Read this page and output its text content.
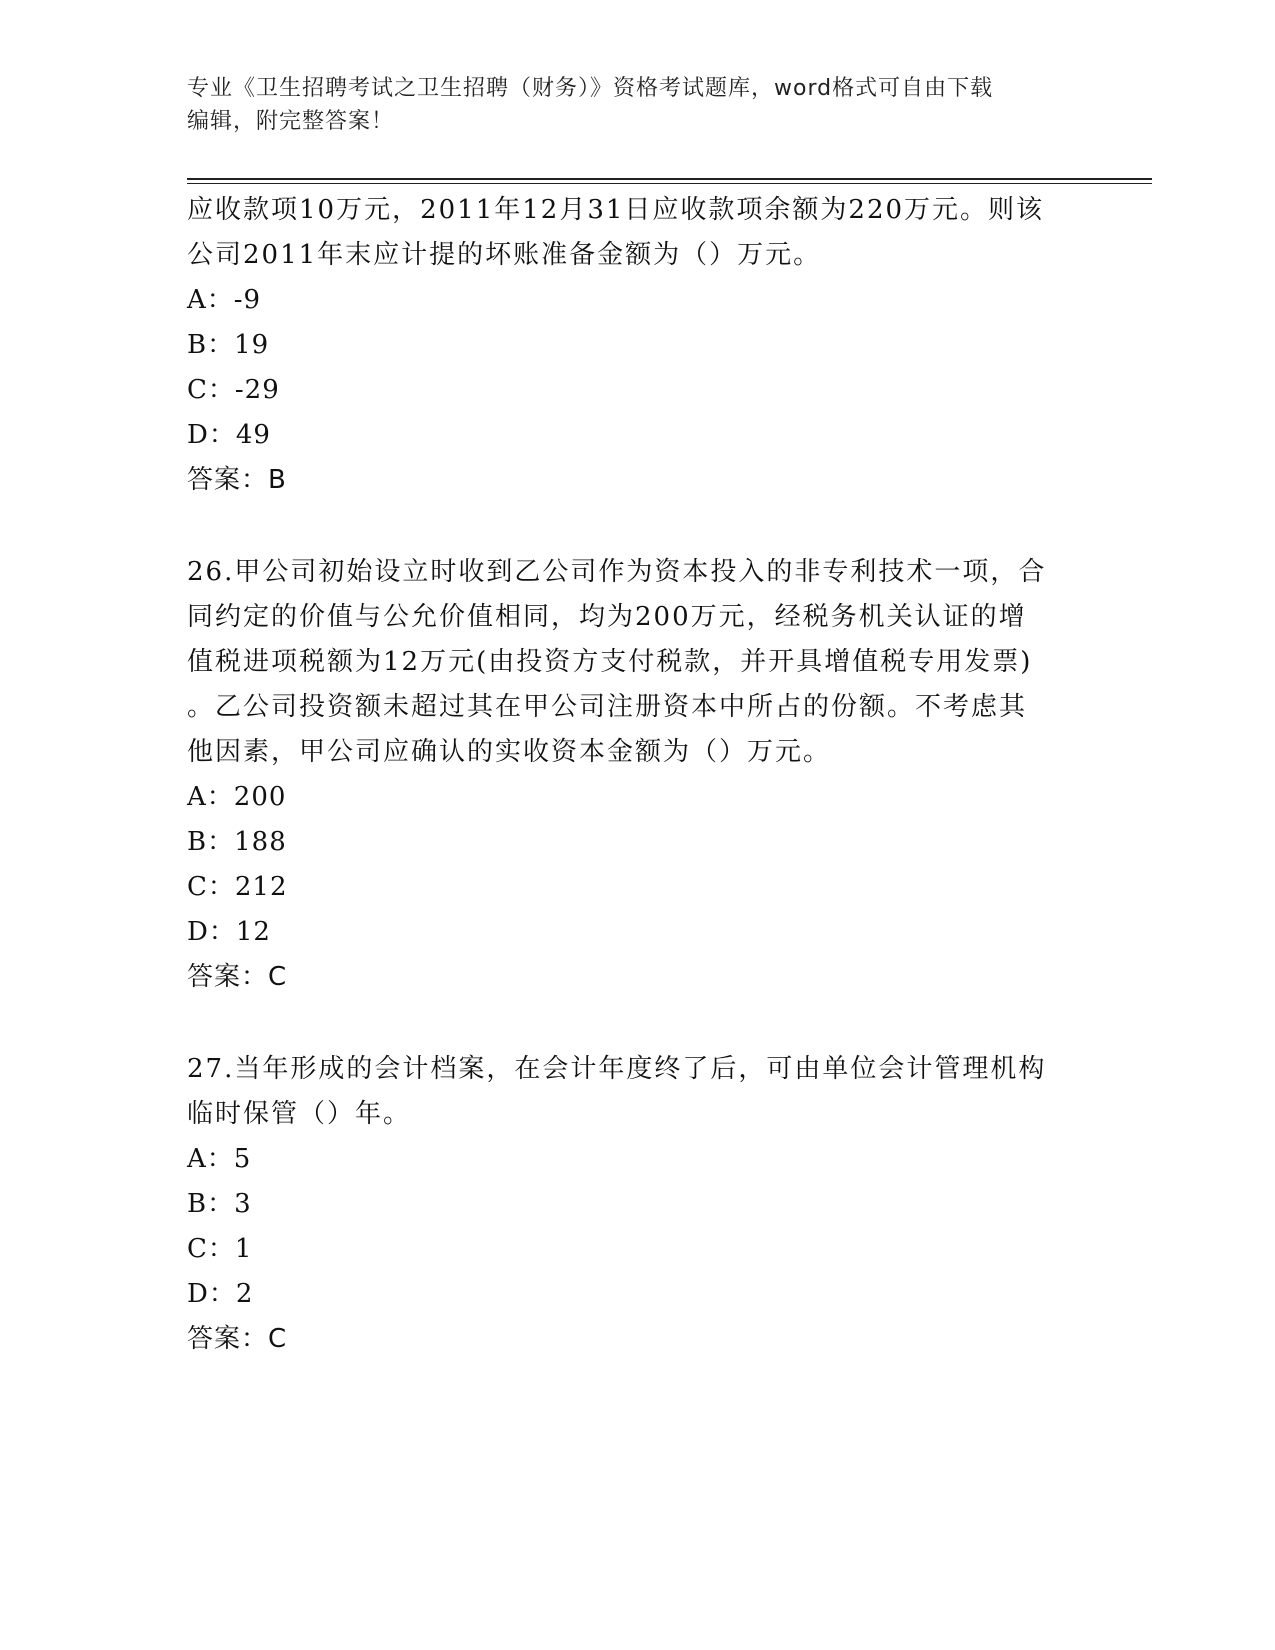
专业《卫生招聘考试之卫生招聘（财务）》资格考试题库，word格式可自由下载
编辑，附完整答案！

应收款项10万元，2011年12月31日应收款项余额为220万元。则该

公司2011年末应计提的坏账准备金额为（）万元。

A：-9

B：19

C：-29

D：49

答案：B

26.甲公司初始设立时收到乙公司作为资本投入的非专利技术一项，合

同约定的价值与公允价值相同，均为200万元，经税务机关认证的增

值税进项税额为12万元(由投资方支付税款，并开具增值税专用发票)

。乙公司投资额未超过其在甲公司注册资本中所占的份额。不考虑其

他因素，甲公司应确认的实收资本金额为（）万元。

A：200

B：188

C：212

D：12

答案：C

27.当年形成的会计档案，在会计年度终了后，可由单位会计管理机构

临时保管（）年。

A：5

B：3

C：1

D：2

答案：C
